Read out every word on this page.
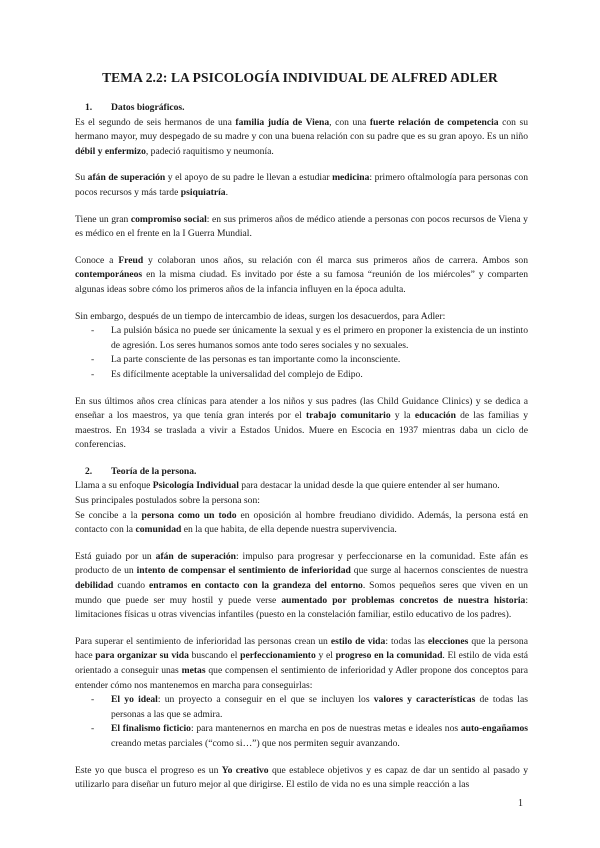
TEMA 2.2: LA PSICOLOGÍA INDIVIDUAL DE ALFRED ADLER
1.	Datos biográficos.

Es el segundo de seis hermanos de una familia judía de Viena, con una fuerte relación de competencia con su hermano mayor, muy despegado de su madre y con una buena relación con su padre que es su gran apoyo. Es un niño débil y enfermizo, padeció raquitismo y neumonía.

Su afán de superación y el apoyo de su padre le llevan a estudiar medicina: primero oftalmología para personas con pocos recursos y más tarde psiquiatría.

Tiene un gran compromiso social: en sus primeros años de médico atiende a personas con pocos recursos de Viena y es médico en el frente en la I Guerra Mundial.

Conoce a Freud y colaboran unos años, su relación con él marca sus primeros años de carrera. Ambos son contemporáneos en la misma ciudad. Es invitado por éste a su famosa “reunión de los miércoles” y comparten algunas ideas sobre cómo los primeros años de la infancia influyen en la época adulta.

Sin embargo, después de un tiempo de intercambio de ideas, surgen los desacuerdos, para Adler:

- La pulsión básica no puede ser únicamente la sexual y es el primero en proponer la existencia de un instinto de agresión. Los seres humanos somos ante todo seres sociales y no sexuales.
- La parte consciente de las personas es tan importante como la inconsciente.
- Es difícilmente aceptable la universalidad del complejo de Edipo.

En sus últimos años crea clínicas para atender a los niños y sus padres (las Child Guidance Clinics) y se dedica a enseñar a los maestros, ya que tenía gran interés por el trabajo comunitario y la educación de las familias y maestros. En 1934 se traslada a vivir a Estados Unidos. Muere en Escocia en 1937 mientras daba un ciclo de conferencias.

2.	Teoría de la persona.

Llama a su enfoque Psicología Individual para destacar la unidad desde la que quiere entender al ser humano.

Sus principales postulados sobre la persona son:

Se concibe a la persona como un todo en oposición al hombre freudiano dividido. Además, la persona está en contacto con la comunidad en la que habita, de ella depende nuestra supervivencia.

Está guiado por un afán de superación: impulso para progresar y perfeccionarse en la comunidad. Este afán es producto de un intento de compensar el sentimiento de inferioridad que surge al hacernos conscientes de nuestra debilidad cuando entramos en contacto con la grandeza del entorno. Somos pequeños seres que viven en un mundo que puede ser muy hostil y puede verse aumentado por problemas concretos de nuestra historia: limitaciones físicas u otras vivencias infantiles (puesto en la constelación familiar, estilo educativo de los padres).

Para superar el sentimiento de inferioridad las personas crean un estilo de vida: todas las elecciones que la persona hace para organizar su vida buscando el perfeccionamiento y el progreso en la comunidad. El estilo de vida está orientado a conseguir unas metas que compensen el sentimiento de inferioridad y Adler propone dos conceptos para entender cómo nos mantenemos en marcha para conseguirlas:

- El yo ideal: un proyecto a conseguir en el que se incluyen los valores y características de todas las personas a las que se admira.
- El finalismo ficticio: para mantenernos en marcha en pos de nuestras metas e ideales nos auto-engañamos creando metas parciales (“como si…”) que nos permiten seguir avanzando.

Este yo que busca el progreso es un Yo creativo que establece objetivos y es capaz de dar un sentido al pasado y utilizarlo para diseñar un futuro mejor al que dirigirse. El estilo de vida no es una simple reacción a las

1
